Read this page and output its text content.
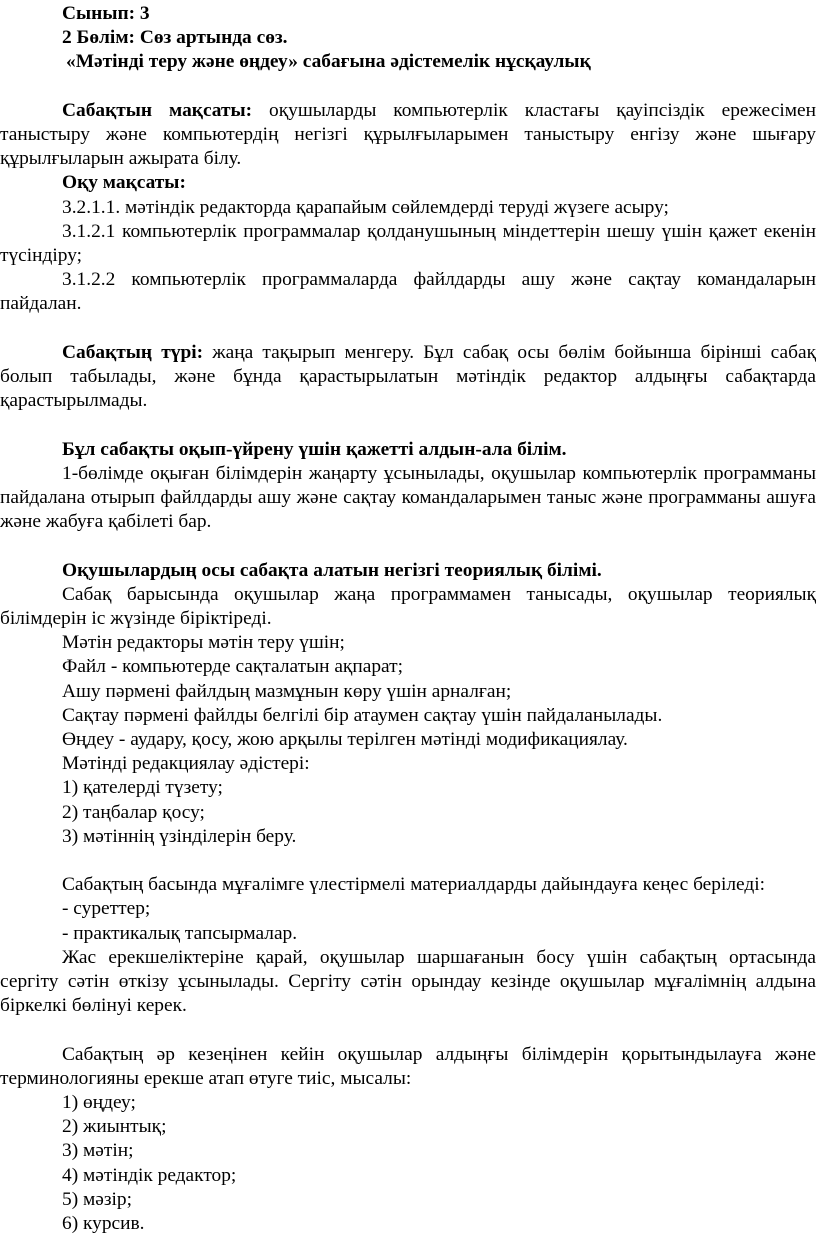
Сынып: 3

2 Бөлім: Сөз артында сөз.

«Мәтінді теру және өңдеу» сабағына әдістемелік нұсқаулық

Сабақтын мақсаты: оқушыларды компьютерлік кластағы қауіпсіздік ережесімен таныстыру және компьютердің негізгі құрылғыларымен таныстыру енгізу және шығару құрылғыларын ажырата білу.

Оқу мақсаты:

3.2.1.1. мәтіндік редакторда қарапайым сөйлемдерді теруді жүзеге асыру;

3.1.2.1 компьютерлік программалар қолданушының міндеттерін шешу үшін қажет екенін түсіндіру;

3.1.2.2 компьютерлік программаларда файлдарды ашу және сақтау командаларын пайдалан.

Сабақтың түрі: жаңа тақырып менгеру. Бұл сабақ осы бөлім бойынша бірінші сабақ болып табылады, және бұнда қарастырылатын мәтіндік редактор алдыңғы сабақтарда қарастырылмады.

Бұл сабақты оқып-үйрену үшін қажетті алдын-ала білім.

1-бөлімде оқыған білімдерін жаңарту ұсынылады, оқушылар компьютерлік программаны пайдалана отырып файлдарды ашу және сақтау командаларымен таныс және программаны ашуға және жабуға қабілеті бар.

Оқушылардың осы сабақта алатын негізгі теориялық білімі.

Сабақ барысында оқушылар жаңа программамен танысады, оқушылар теориялық білімдерін іс жүзінде біріктіреді.

Мәтін редакторы мәтін теру үшін;

Файл - компьютерде сақталатын ақпарат;

Ашу пәрмені файлдың мазмұнын көру үшін арналған;

Сақтау пәрмені файлды белгілі бір атаумен сақтау үшін пайдаланылады.

Өңдеу - аудару, қосу, жою арқылы терілген мәтінді модификациялау.

Мәтінді редакциялау әдістері:

1) қателерді түзету;

2) таңбалар қосу;

3) мәтіннің үзінділерін беру.

Сабақтың басында мұғалімге үлестірмелі материалдарды дайындауға кеңес беріледі:

- суреттер;

- практикалық тапсырмалар.

Жас ерекшеліктеріне қарай, оқушылар шаршағанын босу үшін сабақтың ортасында сергіту сәтін өткізу ұсынылады. Сергіту сәтін орындау кезінде оқушылар мұғалімнің алдына біркелкі бөлінуі керек.

Сабақтың әр кезеңінен кейін оқушылар алдыңғы білімдерін қорытындылауға және терминологияны ерекше атап өтуге тиіс, мысалы:

1) өңдеу;

2) жиынтық;

3) мәтін;

4) мәтіндік редактор;

5) мәзір;

6) курсив.
